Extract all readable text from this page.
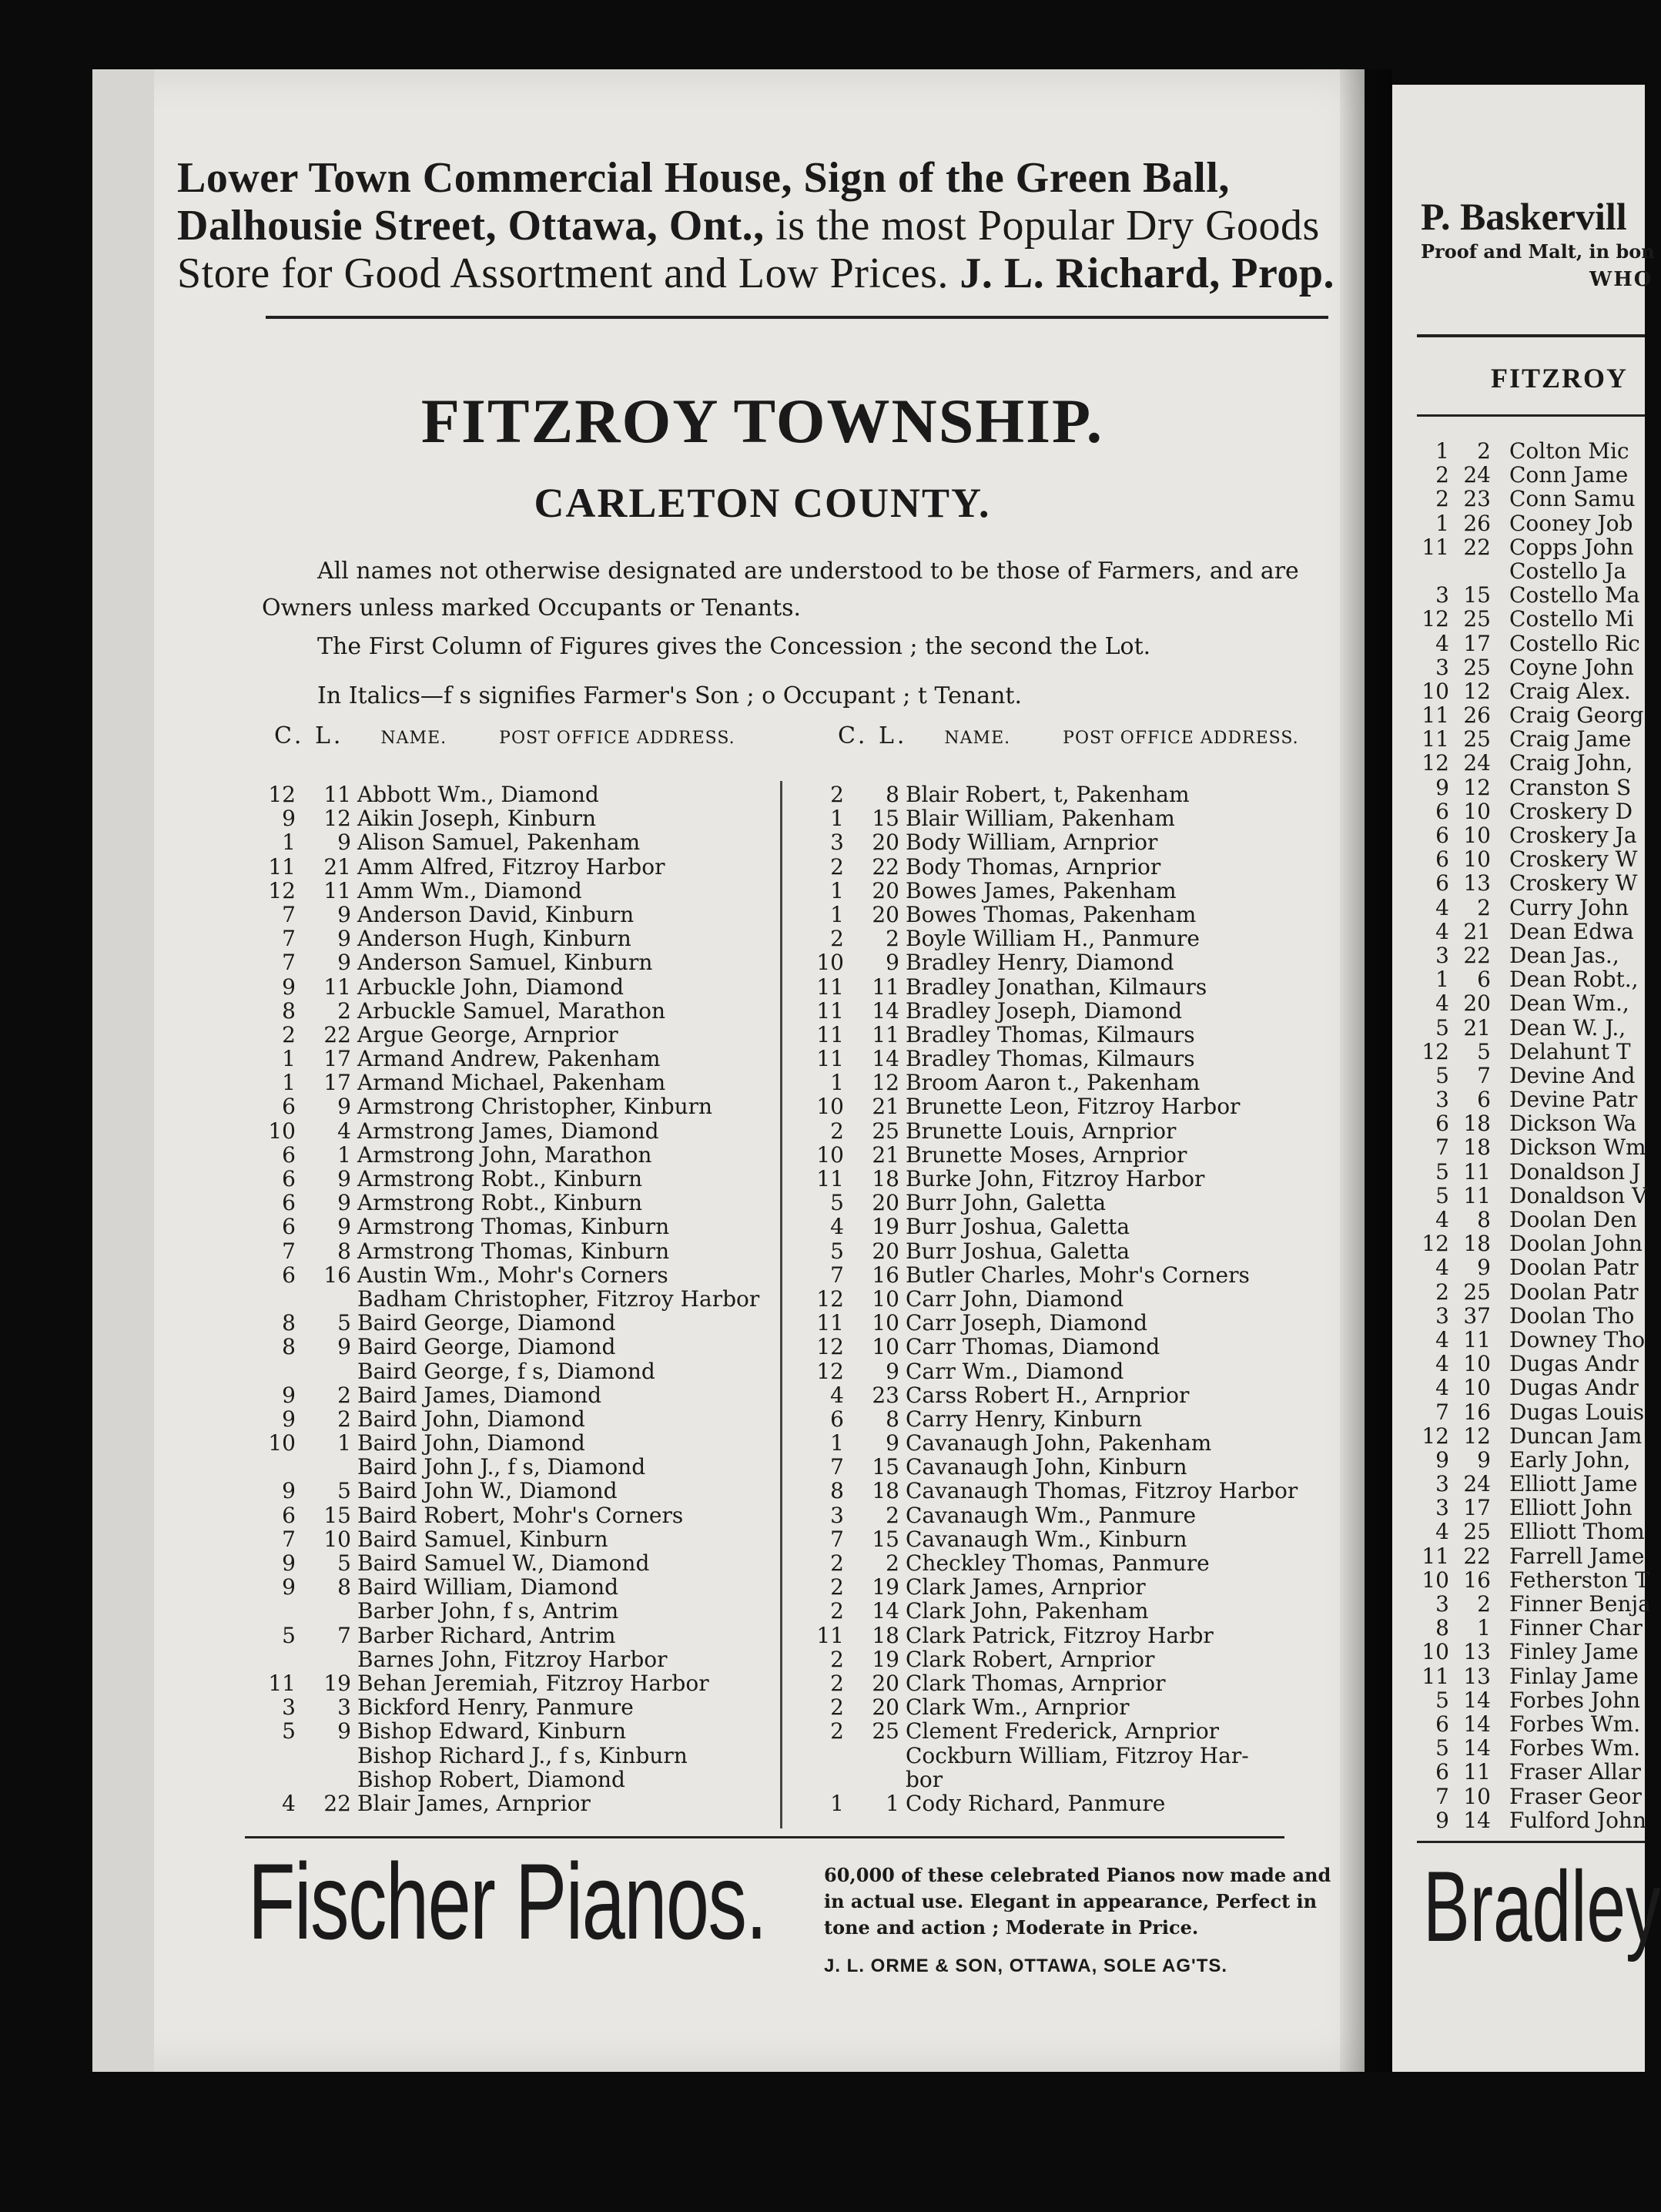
Lower Town Commercial House, Sign of the Green Ball,
Dalhousie Street, Ottawa, Ont., is the most Popular Dry Goods
Store for Good Assortment and Low Prices. J. L. Richard, Prop.
FITZROY TOWNSHIP.
CARLETON COUNTY.
All names not otherwise designated are understood to be those of Farmers, and are
Owners unless marked Occupants or Tenants.
The First Column of Figures gives the Concession ; the second the Lot.
In Italics—f s signifies Farmer's Son ; o Occupant ; t Tenant.
C. L. NAME.	POST OFFICE ADDRESS.	C. L. NAME.	POST OFFICE ADDRESS.
12	11 Abbott Wm., Diamond
9	12 Aikin Joseph, Kinburn
1	9 Alison Samuel, Pakenham
11	21 Amm Alfred, Fitzroy Harbor
12	11 Amm Wm., Diamond
7	9 Anderson David, Kinburn
7	9 Anderson Hugh, Kinburn
7	9 Anderson Samuel, Kinburn
9	11 Arbuckle John, Diamond
8	2 Arbuckle Samuel, Marathon
2	22 Argue George, Arnprior
1	17 Armand Andrew, Pakenham
1	17 Armand Michael, Pakenham
6	9 Armstrong Christopher, Kinburn
10	4 Armstrong James, Diamond
6	1 Armstrong John, Marathon
6	9 Armstrong Robt., Kinburn
6	9 Armstrong Robt., Kinburn
6	9 Armstrong Thomas, Kinburn
7	8 Armstrong Thomas, Kinburn
6	16 Austin Wm., Mohr's Corners
Badham Christopher, Fitzroy Harbor
8	5 Baird George, Diamond
8	9 Baird George, Diamond
Baird George, f s, Diamond
9	2 Baird James, Diamond
9	2 Baird John, Diamond
10	1 Baird John, Diamond
Baird John J., f s, Diamond
9	5 Baird John W., Diamond
6	15 Baird Robert, Mohr's Corners
7	10 Baird Samuel, Kinburn
9	5 Baird Samuel W., Diamond
9	8 Baird William, Diamond
Barber John, f s, Antrim
5	7 Barber Richard, Antrim
Barnes John, Fitzroy Harbor
11	19 Behan Jeremiah, Fitzroy Harbor
3	3 Bickford Henry, Panmure
5	9 Bishop Edward, Kinburn
Bishop Richard J., f s, Kinburn
Bishop Robert, Diamond
4	22 Blair James, Arnprior
2	8 Blair Robert, t, Pakenham
1	15 Blair William, Pakenham
3	20 Body William, Arnprior
2	22 Body Thomas, Arnprior
1	20 Bowes James, Pakenham
1	20 Bowes Thomas, Pakenham
2	2 Boyle William H., Panmure
10	9 Bradley Henry, Diamond
11	11 Bradley Jonathan, Kilmaurs
11	14 Bradley Joseph, Diamond
11	11 Bradley Thomas, Kilmaurs
11	14 Bradley Thomas, Kilmaurs
1	12 Broom Aaron t., Pakenham
10	21 Brunette Leon, Fitzroy Harbor
2	25 Brunette Louis, Arnprior
10	21 Brunette Moses, Arnprior
11	18 Burke John, Fitzroy Harbor
5	20 Burr John, Galetta
4	19 Burr Joshua, Galetta
5	20 Burr Joshua, Galetta
7	16 Butler Charles, Mohr's Corners
12	10 Carr John, Diamond
11	10 Carr Joseph, Diamond
12	10 Carr Thomas, Diamond
12	9 Carr Wm., Diamond
4	23 Carss Robert H., Arnprior
6	8 Carry Henry, Kinburn
1	9 Cavanaugh John, Pakenham
7	15 Cavanaugh John, Kinburn
8	18 Cavanaugh Thomas, Fitzroy Harbor
3	2 Cavanaugh Wm., Panmure
7	15 Cavanaugh Wm., Kinburn
2	2 Checkley Thomas, Panmure
2	19 Clark James, Arnprior
2	14 Clark John, Pakenham
11	18 Clark Patrick, Fitzroy Harbr
2	19 Clark Robert, Arnprior
2	20 Clark Thomas, Arnprior
2	20 Clark Wm., Arnprior
2	25 Clement Frederick, Arnprior
Cockburn William, Fitzroy Har-
bor
1	1 Cody Richard, Panmure
Fischer Pianos.	60,000 of these celebrated Pianos now made and
in actual use. Elegant in appearance, Perfect in
tone and action ; Moderate in Price.
J. L. ORME & SON, OTTAWA, SOLE AG'TS.
P. Baskervill
Proof and Malt, in bon
WHO
FITZROY
1	2 Colton Mic
2 24 Conn Jame
2 23 Conn Samu
1 26 Cooney Job
11 22 Copps John
Costello Ja
3 15 Costello Ma
12 25 Costello Mi
4 17 Costello Ric
3 25 Coyne John
10 12 Craig Alex.
11 26 Craig Georg
11 25 Craig Jame
12 24 Craig John,
9 12 Cranston S
6 10 Croskery D
6 10 Croskery Ja
6 10 Croskery W
6 13 Croskery W
4	2 Curry John
4 21 Dean Edwa
3 22 Dean Jas.,
1	6 Dean Robt.,
4 20 Dean Wm.,
5 21 Dean W. J.,
12	5 Delahunt T
5	7 Devine And
3	6 Devine Patr
6 18 Dickson Wa
7 18 Dickson Wm
5 11 Donaldson J
5 11 Donaldson V
4	8 Doolan Den
12 18 Doolan John
4	9 Doolan Patr
2 25 Doolan Patr
3 37 Doolan Tho
4 11 Downey Tho
4 10 Dugas Andr
4 10 Dugas Andr
7 16 Dugas Louis
12 12 Duncan Jam
9	9 Early John,
3 24 Elliott Jame
3 17 Elliott John
4 25 Elliott Thom
11 22 Farrell Jame
10 16 Fetherston T
3	2 Finner Benja
8	1 Finner Char
10 13 Finley Jame
11 13 Finlay Jame
5 14 Forbes John
6 14 Forbes Wm.
5 14 Forbes Wm.
6 11 Fraser Allar
7 10 Fraser Geor
9 14 Fulford John
Bradley
